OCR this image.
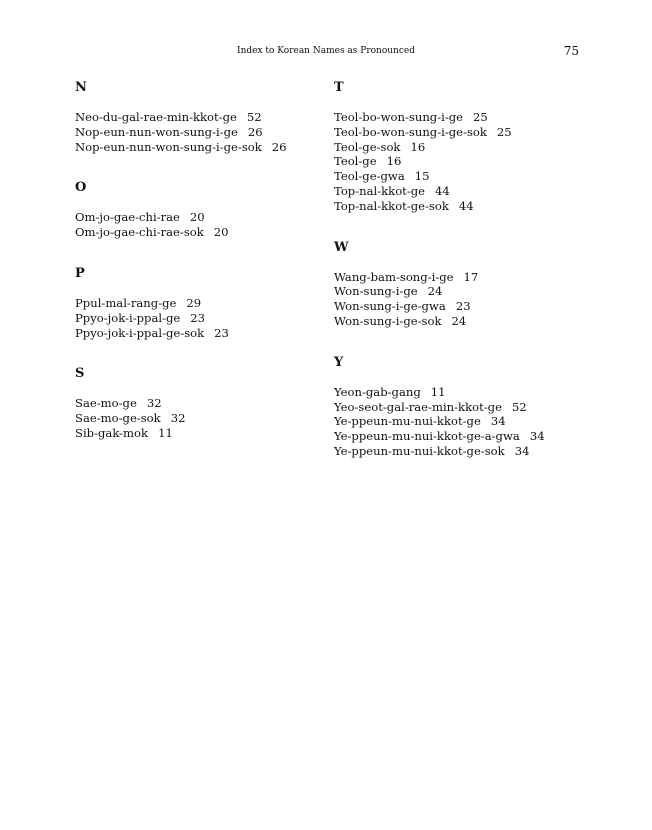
Index to Korean Names as Pronounced	75
N
Neo-du-gal-rae-min-kkot-ge 52
Nop-eun-nun-won-sung-i-ge 26
Nop-eun-nun-won-sung-i-ge-sok 26
O
Om-jo-gae-chi-rae 20
Om-jo-gae-chi-rae-sok 20
P
Ppul-mal-rang-ge 29
Ppyo-jok-i-ppal-ge 23
Ppyo-jok-i-ppal-ge-sok 23
S
Sae-mo-ge 32
Sae-mo-ge-sok 32
Sib-gak-mok 11
T
Teol-bo-won-sung-i-ge 25
Teol-bo-won-sung-i-ge-sok 25
Teol-ge-sok 16
Teol-ge 16
Teol-ge-gwa 15
Top-nal-kkot-ge 44
Top-nal-kkot-ge-sok 44
W
Wang-bam-song-i-ge 17
Won-sung-i-ge 24
Won-sung-i-ge-gwa 23
Won-sung-i-ge-sok 24
Y
Yeon-gab-gang 11
Yeo-seot-gal-rae-min-kkot-ge 52
Ye-ppeun-mu-nui-kkot-ge 34
Ye-ppeun-mu-nui-kkot-ge-a-gwa 34
Ye-ppeun-mu-nui-kkot-ge-sok 34
